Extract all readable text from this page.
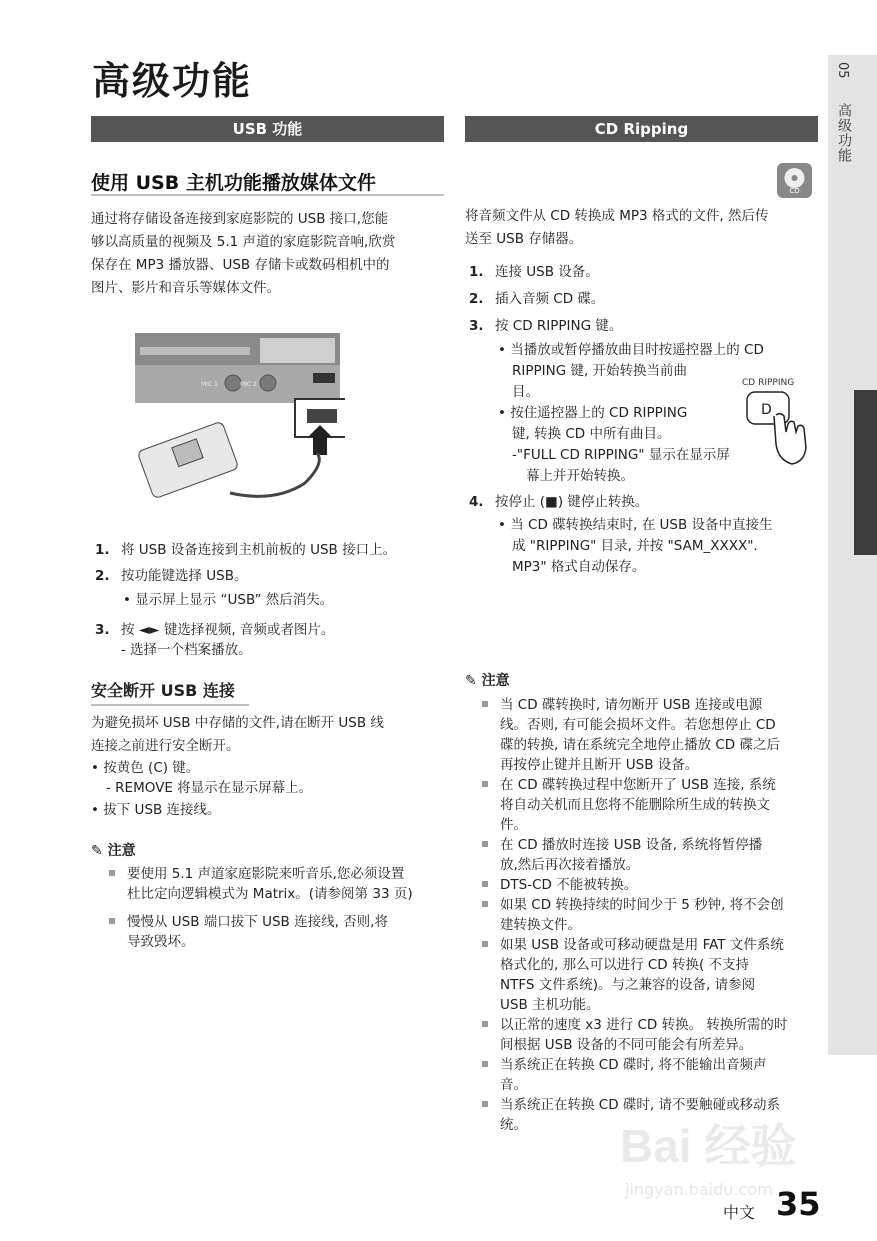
05
高级功能
高级功能
USB 功能
使用 USB 主机功能播放媒体文件
通过将存储设备连接到家庭影院的 USB 接口,您能
够以高质量的视频及 5.1 声道的家庭影院音响,欣赏
保存在 MP3 播放器、USB 存储卡或数码相机中的
图片、影片和音乐等媒体文件。
MIC 1	MIC 2
1. 将 USB 设备连接到主机前板的 USB 接口上。
2. 按功能键选择 USB。
• 显示屏上显示 “USB” 然后消失。
3. 按 ◄► 键选择视频, 音频或者图片。
- 选择一个档案播放。
安全断开 USB 连接
为避免损坏 USB 中存储的文件,请在断开 USB 线
连接之前进行安全断开。
• 按黄色 (C) 键。
- REMOVE 将显示在显示屏幕上。
• 拔下 USB 连接线。
✎ 注意
要使用 5.1 声道家庭影院来听音乐,您必须设置
杜比定向逻辑模式为 Matrix。(请参阅第 33 页)
慢慢从 USB 端口拔下 USB 连接线, 否则,将
导致毁坏。
CD Ripping
CD
将音频文件从 CD 转换成 MP3 格式的文件, 然后传
送至 USB 存储器。
1. 连接 USB 设备。
2. 插入音频 CD 碟。
3. 按 CD RIPPING 键。
• 当播放或暂停播放曲目时按遥控器上的 CD
RIPPING 键, 开始转换当前曲
目。
• 按住遥控器上的 CD RIPPING
键, 转换 CD 中所有曲目。
-"FULL CD RIPPING" 显示在显示屏
幕上并开始转换。
CD RIPPING
D
4. 按停止 (■) 键停止转换。
• 当 CD 碟转换结束时, 在 USB 设备中直接生
成 "RIPPING" 目录, 并按 "SAM_XXXX".
MP3" 格式自动保存。
✎ 注意
当 CD 碟转换时, 请勿断开 USB 连接或电源
线。否则, 有可能会损坏文件。若您想停止 CD
碟的转换, 请在系统完全地停止播放 CD 碟之后
再按停止键并且断开 USB 设备。
在 CD 碟转换过程中您断开了 USB 连接, 系统
将自动关机而且您将不能删除所生成的转换文
件。
在 CD 播放时连接 USB 设备, 系统将暂停播
放,然后再次接着播放。
DTS-CD 不能被转换。
如果 CD 转换持续的时间少于 5 秒钟, 将不会创
建转换文件。
如果 USB 设备或可移动硬盘是用 FAT 文件系统
格式化的, 那么可以进行 CD 转换( 不支持
NTFS 文件系统)。与之兼容的设备, 请参阅
USB 主机功能。
以正常的速度 x3 进行 CD 转换。 转换所需的时
间根据 USB 设备的不同可能会有所差异。
当系统正在转换 CD 碟时, 将不能输出音频声
音。
当系统正在转换 CD 碟时, 请不要触碰或移动系
统。	Bai 经验
jingyan.baidu.com
中文 35
